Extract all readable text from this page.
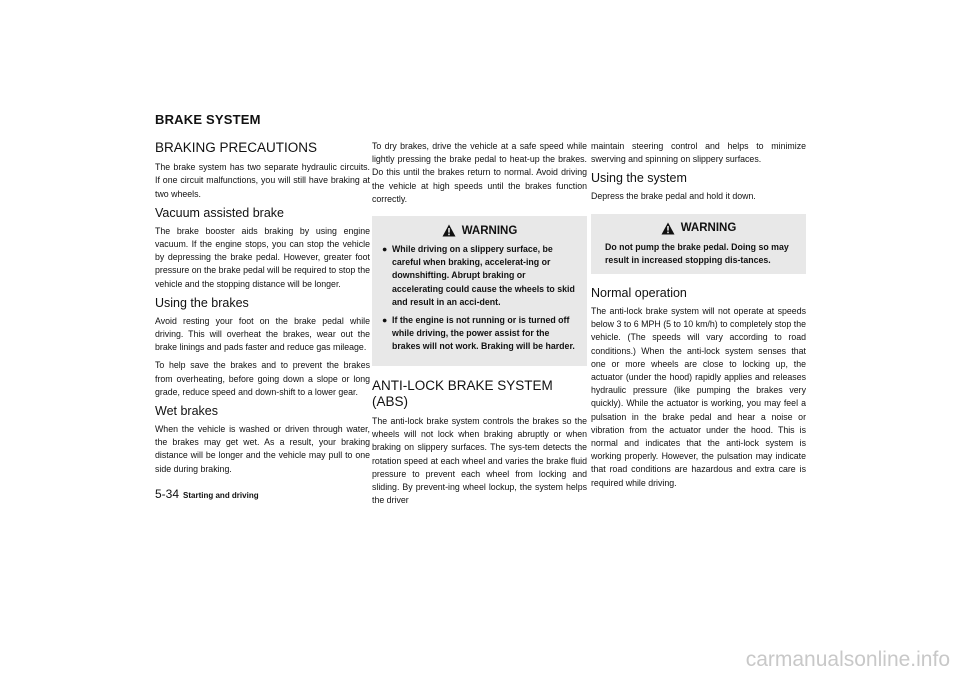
BRAKE SYSTEM
BRAKING PRECAUTIONS

The brake system has two separate hydraulic circuits. If one circuit malfunctions, you will still have braking at two wheels.

Vacuum assisted brake

The brake booster aids braking by using engine vacuum. If the engine stops, you can stop the vehicle by depressing the brake pedal. However, greater foot pressure on the brake pedal will be required to stop the vehicle and the stopping distance will be longer.

Using the brakes

Avoid resting your foot on the brake pedal while driving. This will overheat the brakes, wear out the brake linings and pads faster and reduce gas mileage.

To help save the brakes and to prevent the brakes from overheating, before going down a slope or long grade, reduce speed and down-shift to a lower gear.

Wet brakes

When the vehicle is washed or driven through water, the brakes may get wet. As a result, your braking distance will be longer and the vehicle may pull to one side during braking.

To dry brakes, drive the vehicle at a safe speed while lightly pressing the brake pedal to heat-up the brakes. Do this until the brakes return to normal. Avoid driving the vehicle at high speeds until the brakes function correctly.

WARNING
● While driving on a slippery surface, be careful when braking, accelerat-ing or downshifting. Abrupt braking or accelerating could cause the wheels to skid and result in an acci-dent.
● If the engine is not running or is turned off while driving, the power assist for the brakes will not work. Braking will be harder.
ANTI-LOCK BRAKE SYSTEM (ABS)

The anti-lock brake system controls the brakes so the wheels will not lock when braking abruptly or when braking on slippery surfaces. The sys-tem detects the rotation speed at each wheel and varies the brake fluid pressure to prevent each wheel from locking and sliding. By prevent-ing wheel lockup, the system helps the driver

maintain steering control and helps to minimize swerving and spinning on slippery surfaces.

Using the system

Depress the brake pedal and hold it down.

WARNING
Do not pump the brake pedal. Doing so may result in increased stopping dis-tances.
Normal operation

The anti-lock brake system will not operate at speeds below 3 to 6 MPH (5 to 10 km/h) to completely stop the vehicle. (The speeds will vary according to road conditions.) When the anti-lock system senses that one or more wheels are close to locking up, the actuator (under the hood) rapidly applies and releases hydraulic pressure (like pumping the brakes very quickly). While the actuator is working, you may feel a pulsation in the brake pedal and hear a noise or vibration from the actuator under the hood. This is normal and indicates that the anti-lock system is working properly. However, the pulsation may indicate that road conditions are hazardous and extra care is required while driving.

5-34 Starting and driving
carmanualsonline.info
